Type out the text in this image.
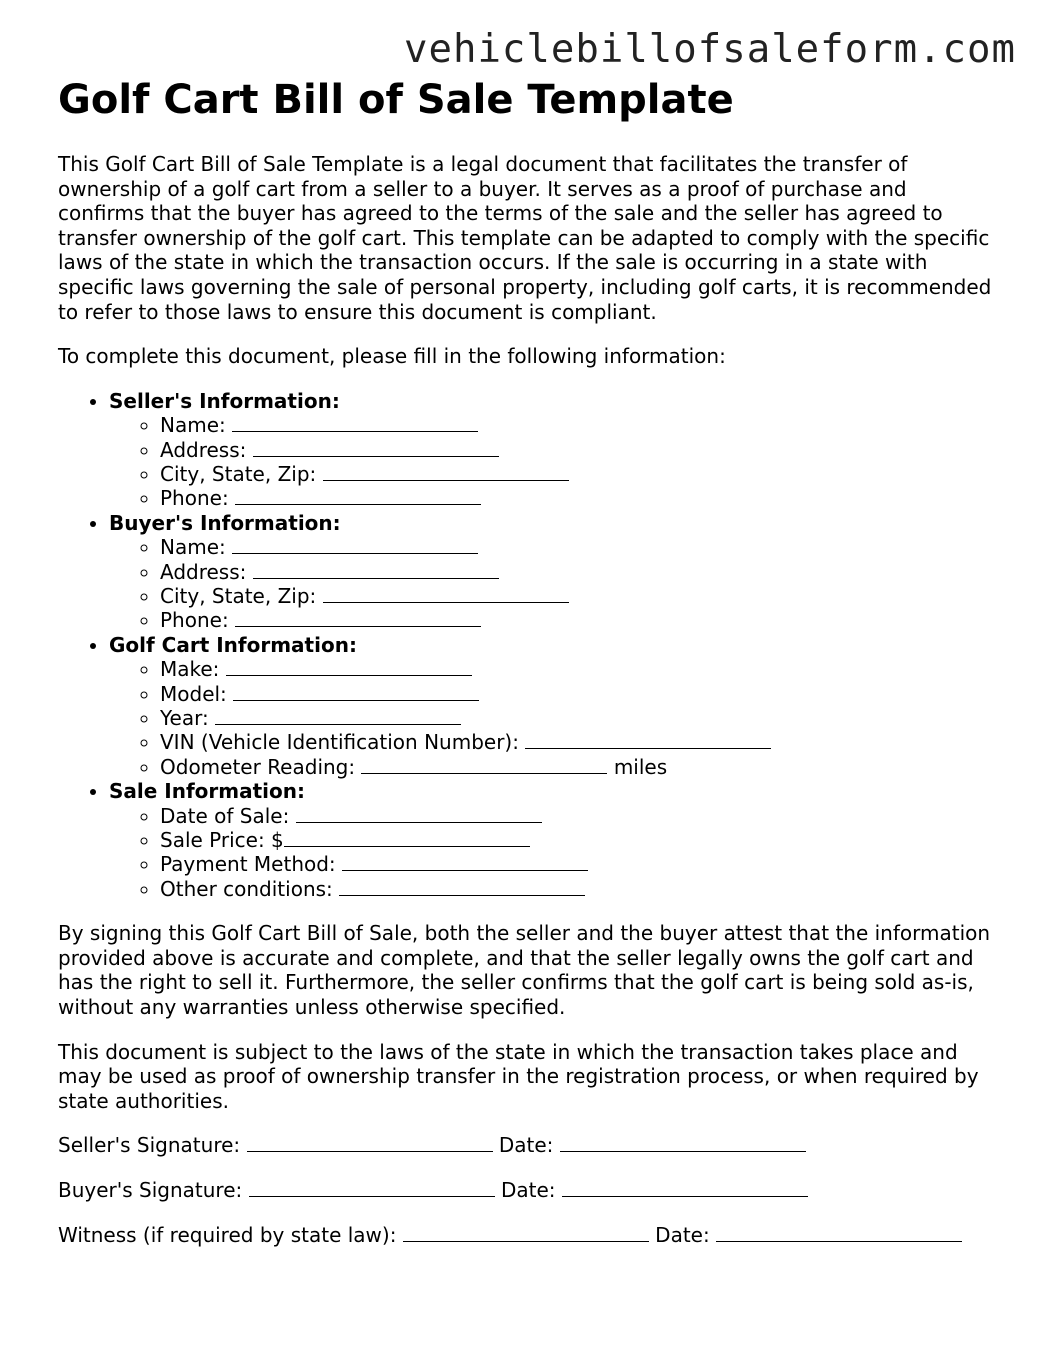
vehiclebillofsaleform.com
Golf Cart Bill of Sale Template

This Golf Cart Bill of Sale Template is a legal document that facilitates the transfer of ownership of a golf cart from a seller to a buyer. It serves as a proof of purchase and confirms that the buyer has agreed to the terms of the sale and the seller has agreed to transfer ownership of the golf cart. This template can be adapted to comply with the specific laws of the state in which the transaction occurs. If the sale is occurring in a state with specific laws governing the sale of personal property, including golf carts, it is recommended to refer to those laws to ensure this document is compliant.

To complete this document, please fill in the following information:

• Seller's Information:
◦ Name:
◦ Address:
◦ City, State, Zip:
◦ Phone:
• Buyer's Information:
◦ Name:
◦ Address:
◦ City, State, Zip:
◦ Phone:
• Golf Cart Information:
◦ Make:
◦ Model:
◦ Year:
◦ VIN (Vehicle Identification Number):
◦ Odometer Reading:	miles
• Sale Information:
◦ Date of Sale:
◦ Sale Price: $
◦ Payment Method:
◦ Other conditions:

By signing this Golf Cart Bill of Sale, both the seller and the buyer attest that the information provided above is accurate and complete, and that the seller legally owns the golf cart and has the right to sell it. Furthermore, the seller confirms that the golf cart is being sold as-is, without any warranties unless otherwise specified.

This document is subject to the laws of the state in which the transaction takes place and may be used as proof of ownership transfer in the registration process, or when required by state authorities.

Seller's Signature:	Date:
Buyer's Signature:	Date:
Witness (if required by state law):	Date:
